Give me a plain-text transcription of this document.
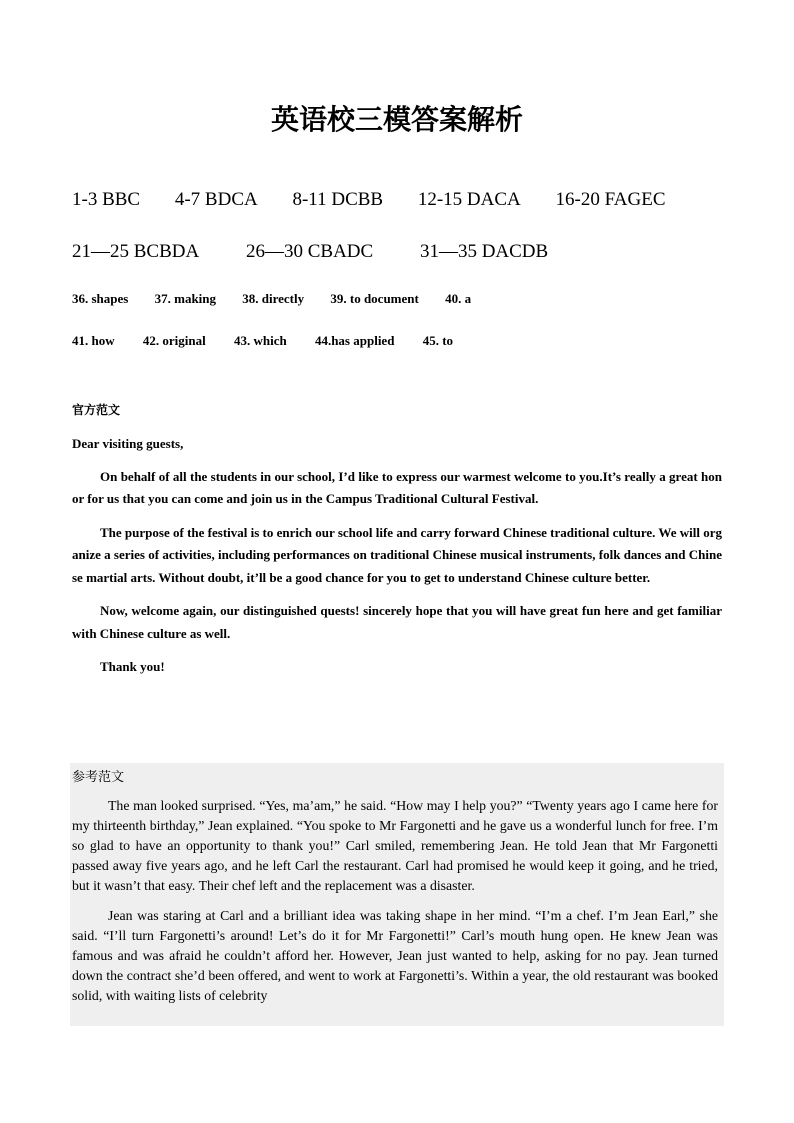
英语校三模答案解析
1-3 BBC 4-7 BDCA 8-11 DCBB 12-15 DACA 16-20 FAGEC
21—25 BCBDA 26—30 CBADC 31—35 DACDB
36. shapes 37. making 38. directly 39. to document 40. a
41. how 42. original 43. which 44.has applied 45. to
官方范文

Dear visiting guests,

On behalf of all the students in our school, I’d like to express our warmest welcome to you.It’s really a great honor for us that you can come and join us in the Campus Traditional Cultural Festival.

The purpose of the festival is to enrich our school life and carry forward Chinese traditional culture. We will organize a series of activities, including performances on traditional Chinese musical instruments, folk dances and Chinese martial arts. Without doubt, it’ll be a good chance for you to get to understand Chinese culture better.

Now, welcome again, our distinguished quests! sincerely hope that you will have great fun here and get familiar with Chinese culture as well.

Thank you!

参考范文

The man looked surprised. “Yes, ma’am,” he said. “How may I help you?” “Twenty years ago I came here for my thirteenth birthday,” Jean explained. “You spoke to Mr Fargonetti and he gave us a wonderful lunch for free. I’m so glad to have an opportunity to thank you!” Carl smiled, remembering Jean. He told Jean that Mr Fargonetti passed away five years ago, and he left Carl the restaurant. Carl had promised he would keep it going, and he tried, but it wasn’t that easy. Their chef left and the replacement was a disaster.

Jean was staring at Carl and a brilliant idea was taking shape in her mind. “I’m a chef. I’m Jean Earl,” she said. “I’ll turn Fargonetti’s around! Let’s do it for Mr Fargonetti!” Carl’s mouth hung open. He knew Jean was famous and was afraid he couldn’t afford her. However, Jean just wanted to help, asking for no pay. Jean turned down the contract she’d been offered, and went to work at Fargonetti’s. Within a year, the old restaurant was booked solid, with waiting lists of celebrity
